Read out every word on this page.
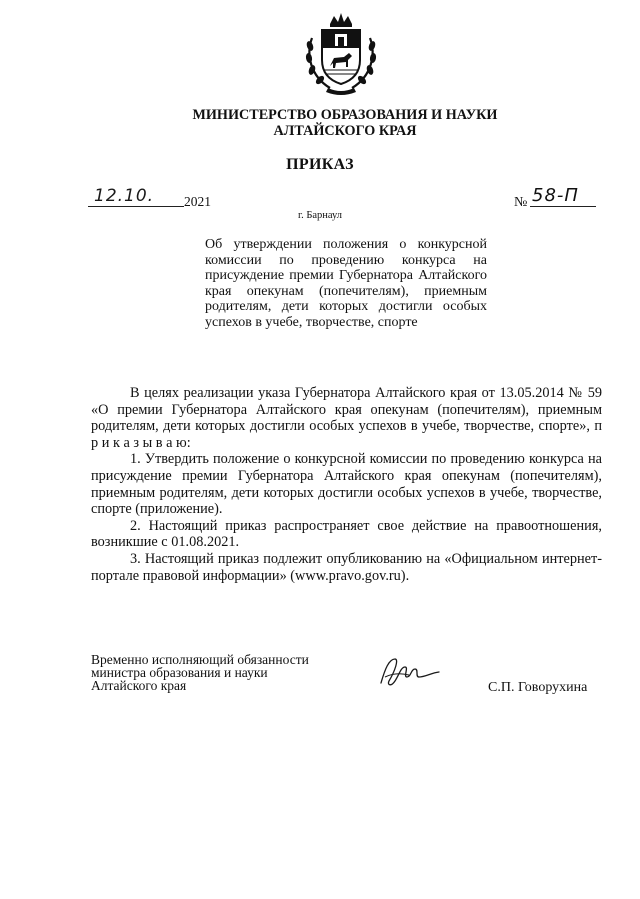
МИНИСТЕРСТВО ОБРАЗОВАНИЯ И НАУКИ
АЛТАЙСКОГО КРАЯ
ПРИКАЗ
12.10. 2021	№ 58-П
г. Барнаул
Об утверждении положения о конкурсной комиссии по проведению конкурса на присуждение премии Губернатора Алтайского края опекунам (попечителям), приемным родителям, дети которых достигли особых успехов в учебе, творчестве, спорте

В целях реализации указа Губернатора Алтайского края от 13.05.2014 № 59 «О премии Губернатора Алтайского края опекунам (попечителям), приемным родителям, дети которых достигли особых успехов в учебе, творчестве, спорте», п р и к а з ы в а ю:

1. Утвердить положение о конкурсной комиссии по проведению конкурса на присуждение премии Губернатора Алтайского края опекунам (попечителям), приемным родителям, дети которых достигли особых успехов в учебе, творчестве, спорте (приложение).

2. Настоящий приказ распространяет свое действие на правоотношения, возникшие с 01.08.2021.

3. Настоящий приказ подлежит опубликованию на «Официальном интернет-портале правовой информации» (www.pravo.gov.ru).

Временно исполняющий обязанности
министра образования и науки
Алтайского края	С.П. Говорухина
